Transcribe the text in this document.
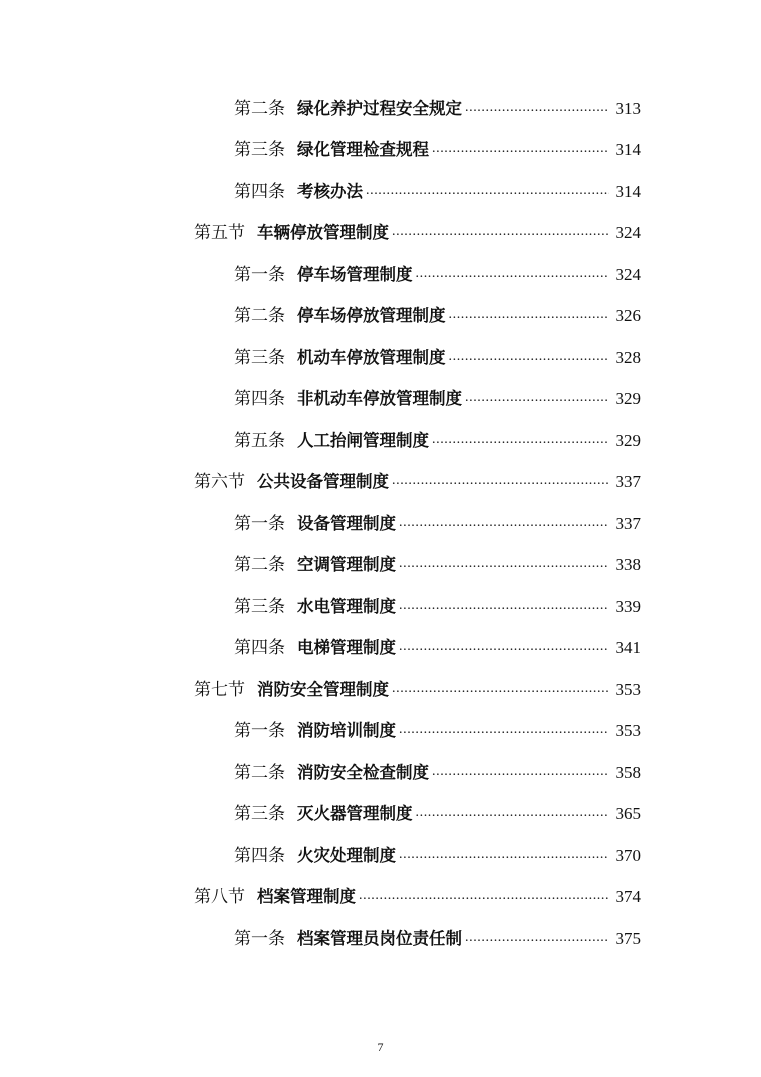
第二条 绿化养护过程安全规定 .....	313
第三条 绿化管理检查规程 .....	314
第四条 考核办法 .....	314
第五节 车辆停放管理制度 .....	324
第一条 停车场管理制度 .....	324
第二条 停车场停放管理制度 .....	326
第三条 机动车停放管理制度 .....	328
第四条 非机动车停放管理制度 .....	329
第五条 人工抬闸管理制度 .....	329
第六节 公共设备管理制度 .....	337
第一条 设备管理制度 .....	337
第二条 空调管理制度 .....	338
第三条 水电管理制度 .....	339
第四条 电梯管理制度 .....	341
第七节 消防安全管理制度 .....	353
第一条 消防培训制度 .....	353
第二条 消防安全检查制度 .....	358
第三条 灭火器管理制度 .....	365
第四条 火灾处理制度 .....	370
第八节 档案管理制度 .....	374
第一条 档案管理员岗位责任制 .....	375
7
